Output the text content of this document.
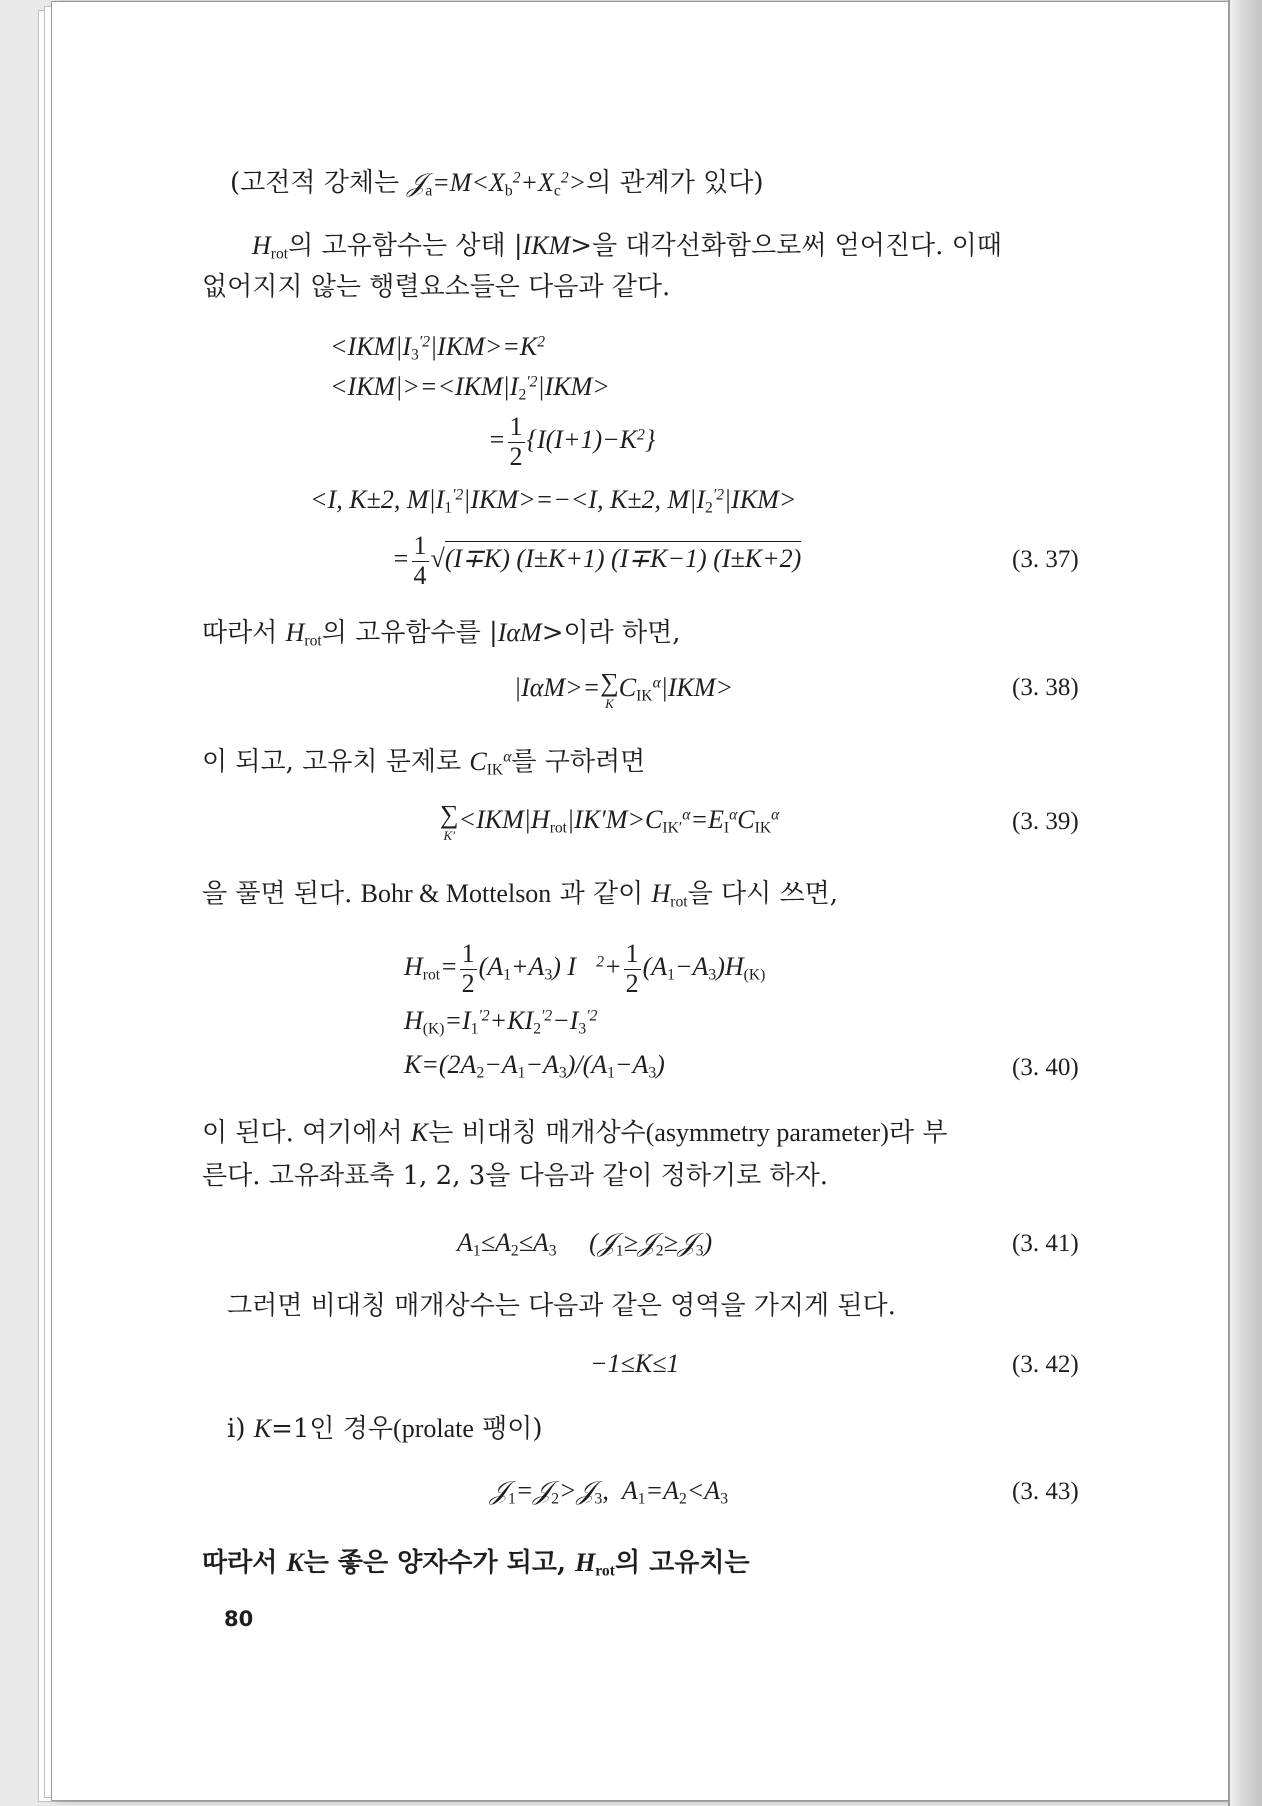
(고전적 강체는 $𝒥_a=M<X_b^2+X_c^2>$의 관계가 있다)
$H_{rot}$의 고유함수는 상태 |IKM>을 대각선화함으로써 얻어진다. 이때
없어지지 않는 행렬요소들은 다음과 같다.
$<IKM|I_3^{'2}|IKM>=K^2$
$<IKM|>=<IKM|I_2^{'2}|IKM>$
= $\frac{1}{2} \{I(I+1)-K^2\}$
<I, K±2, $M|I_1^{'2}|IKM>=-<I$, K±2, $M|I_2^{'2}|IKM>$
= $\frac{1}{4} √(I\mp K)$ (I±K+1) (I∓K−1) (I±K+2)	(3. 37)
따라서 $H_{rot}$의 고유함수를 |IαM>이라 하면,
|IαM>= ∑
K
$C_{IK}^\alpha|IKM>$	(3. 38)
이 되고, 고유치 문제로 $C_{IK}^\alpha$를 구하려면
∑
K′
$<IKM|H_{rot}|IK'M>C_{IK'}^\alpha=E_I^\alpha C_{IK}^\alpha$	(3. 39)
을 풀면 된다. Bohr & Mottelson 과 같이 $H_{rot}$을 다시 쓰면,
$H_{rot}= \frac{1}{2} (A_1+A_3)$ I⃗$^2$+ $\frac{1}{2} (A_1-A_3)H_{(K)}$
$H_{(K)}=I_1^{'2}+KI_2^{'2}-I_3^{'2}$
$K=(2A_2-A_1-A_3)/(A_1-A_3)$	(3. 40)
이 된다. 여기에서 K는 비대칭 매개상수(asymmetry parameter)라 부
른다. 고유좌표축 1, 2, 3을 다음과 같이 정하기로 하자.
$A_1\le A_2\le A_3$     (𝒥$_1$≥𝒥$_2$≥𝒥$_3$)	(3. 41)
그러면 비대칭 매개상수는 다음과 같은 영역을 가지게 된다.
−1≤K≤1	(3. 42)
i) K=1인 경우(prolate 팽이)
𝒥$_1$=𝒥$_2$>𝒥$_3$,  $A_1=A_2<A_3$	(3. 43)
따라서 K는 좋은 양자수가 되고, $H_{rot}$의 고유치는
80
